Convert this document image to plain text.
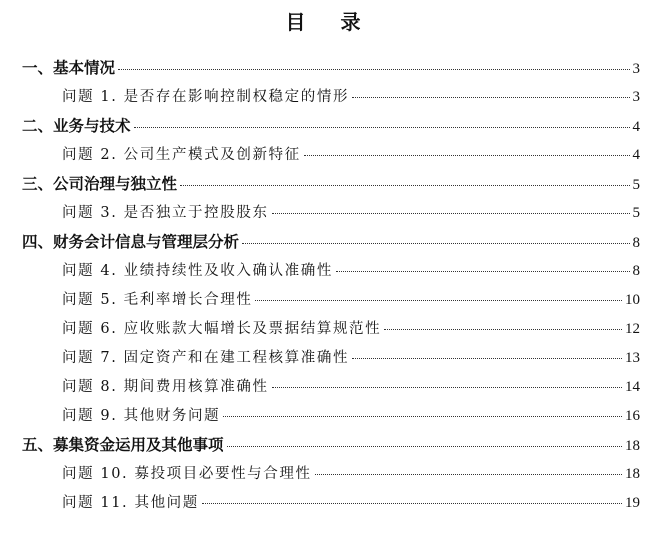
目 录
一、基本情况	3
问题 1. 是否存在影响控制权稳定的情形	3
二、业务与技术	4
问题 2. 公司生产模式及创新特征	4
三、公司治理与独立性	5
问题 3. 是否独立于控股股东	5
四、财务会计信息与管理层分析	8
问题 4. 业绩持续性及收入确认准确性	8
问题 5. 毛利率增长合理性	10
问题 6. 应收账款大幅增长及票据结算规范性	12
问题 7. 固定资产和在建工程核算准确性	13
问题 8. 期间费用核算准确性	14
问题 9. 其他财务问题	16
五、募集资金运用及其他事项	18
问题 10. 募投项目必要性与合理性	18
问题 11. 其他问题	19
